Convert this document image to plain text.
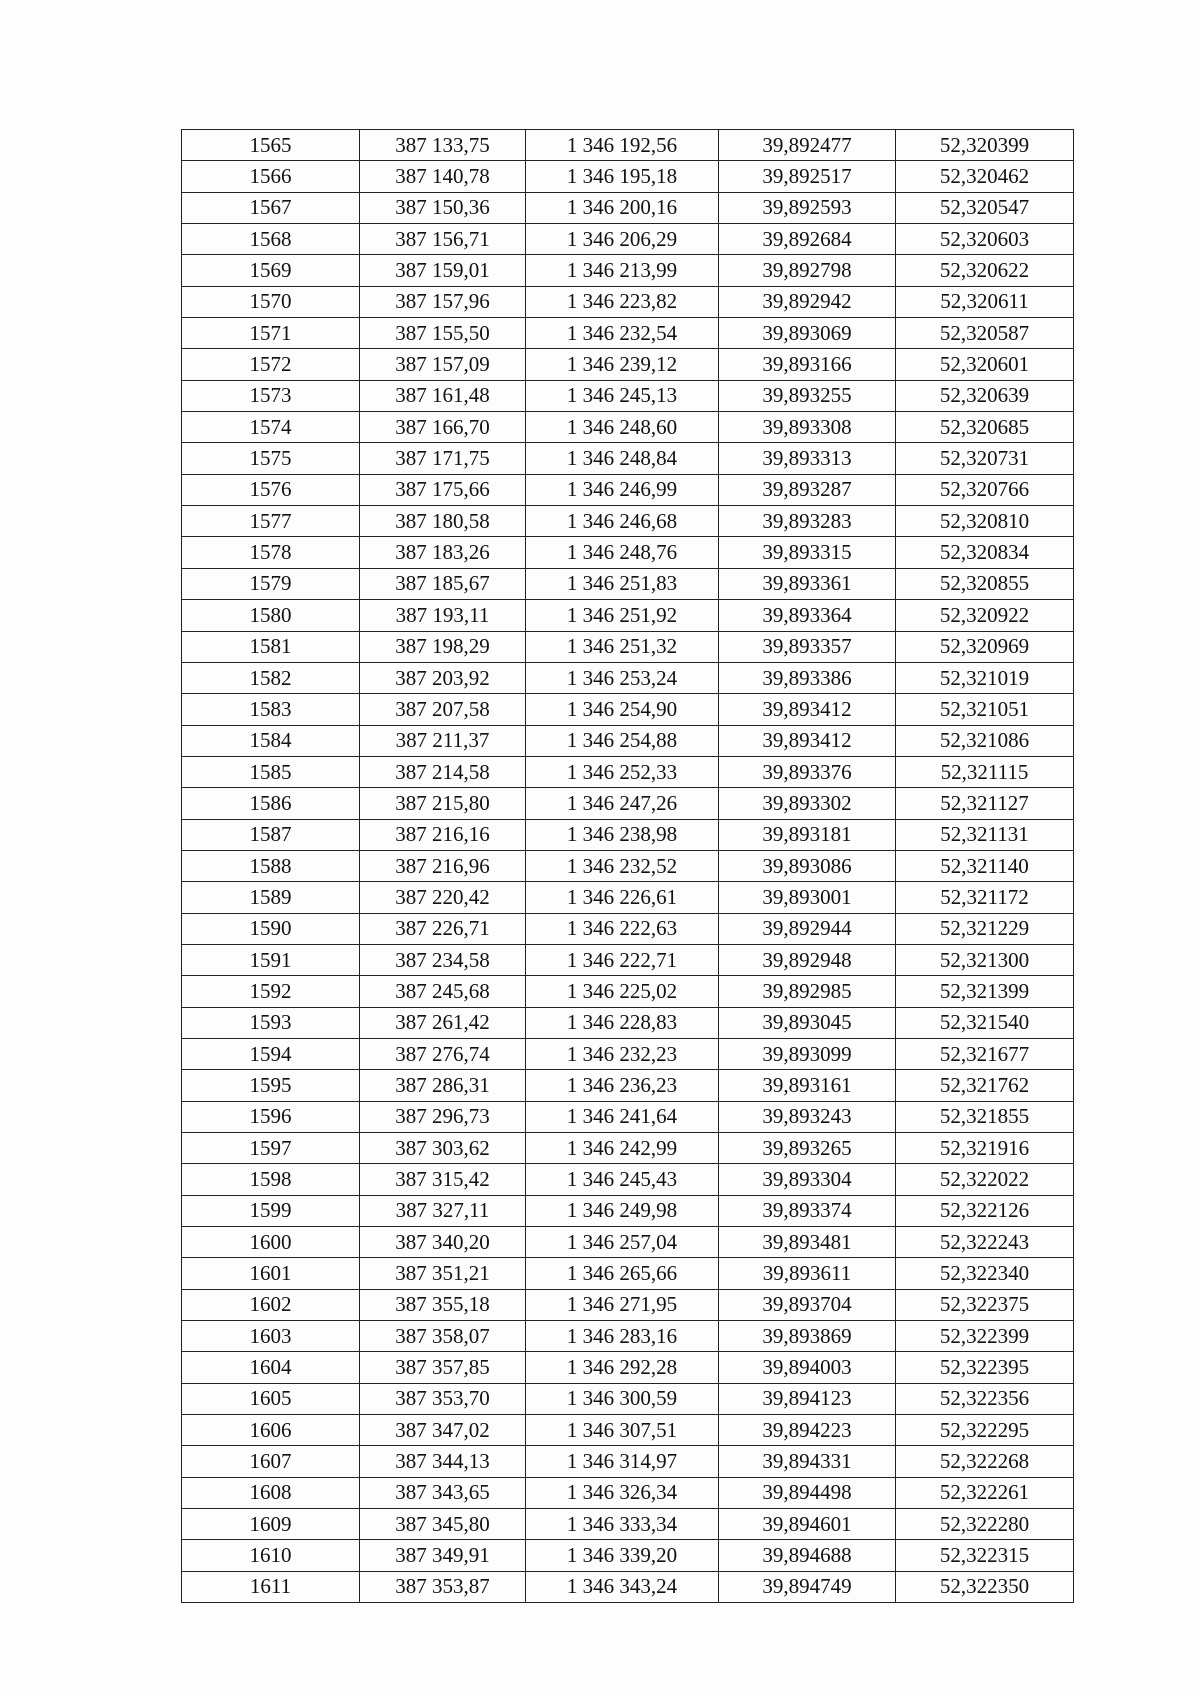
1565	387 133,75	1 346 192,56	39,892477	52,320399
1566	387 140,78	1 346 195,18	39,892517	52,320462
1567	387 150,36	1 346 200,16	39,892593	52,320547
1568	387 156,71	1 346 206,29	39,892684	52,320603
1569	387 159,01	1 346 213,99	39,892798	52,320622
1570	387 157,96	1 346 223,82	39,892942	52,320611
1571	387 155,50	1 346 232,54	39,893069	52,320587
1572	387 157,09	1 346 239,12	39,893166	52,320601
1573	387 161,48	1 346 245,13	39,893255	52,320639
1574	387 166,70	1 346 248,60	39,893308	52,320685
1575	387 171,75	1 346 248,84	39,893313	52,320731
1576	387 175,66	1 346 246,99	39,893287	52,320766
1577	387 180,58	1 346 246,68	39,893283	52,320810
1578	387 183,26	1 346 248,76	39,893315	52,320834
1579	387 185,67	1 346 251,83	39,893361	52,320855
1580	387 193,11	1 346 251,92	39,893364	52,320922
1581	387 198,29	1 346 251,32	39,893357	52,320969
1582	387 203,92	1 346 253,24	39,893386	52,321019
1583	387 207,58	1 346 254,90	39,893412	52,321051
1584	387 211,37	1 346 254,88	39,893412	52,321086
1585	387 214,58	1 346 252,33	39,893376	52,321115
1586	387 215,80	1 346 247,26	39,893302	52,321127
1587	387 216,16	1 346 238,98	39,893181	52,321131
1588	387 216,96	1 346 232,52	39,893086	52,321140
1589	387 220,42	1 346 226,61	39,893001	52,321172
1590	387 226,71	1 346 222,63	39,892944	52,321229
1591	387 234,58	1 346 222,71	39,892948	52,321300
1592	387 245,68	1 346 225,02	39,892985	52,321399
1593	387 261,42	1 346 228,83	39,893045	52,321540
1594	387 276,74	1 346 232,23	39,893099	52,321677
1595	387 286,31	1 346 236,23	39,893161	52,321762
1596	387 296,73	1 346 241,64	39,893243	52,321855
1597	387 303,62	1 346 242,99	39,893265	52,321916
1598	387 315,42	1 346 245,43	39,893304	52,322022
1599	387 327,11	1 346 249,98	39,893374	52,322126
1600	387 340,20	1 346 257,04	39,893481	52,322243
1601	387 351,21	1 346 265,66	39,893611	52,322340
1602	387 355,18	1 346 271,95	39,893704	52,322375
1603	387 358,07	1 346 283,16	39,893869	52,322399
1604	387 357,85	1 346 292,28	39,894003	52,322395
1605	387 353,70	1 346 300,59	39,894123	52,322356
1606	387 347,02	1 346 307,51	39,894223	52,322295
1607	387 344,13	1 346 314,97	39,894331	52,322268
1608	387 343,65	1 346 326,34	39,894498	52,322261
1609	387 345,80	1 346 333,34	39,894601	52,322280
1610	387 349,91	1 346 339,20	39,894688	52,322315
1611	387 353,87	1 346 343,24	39,894749	52,322350
